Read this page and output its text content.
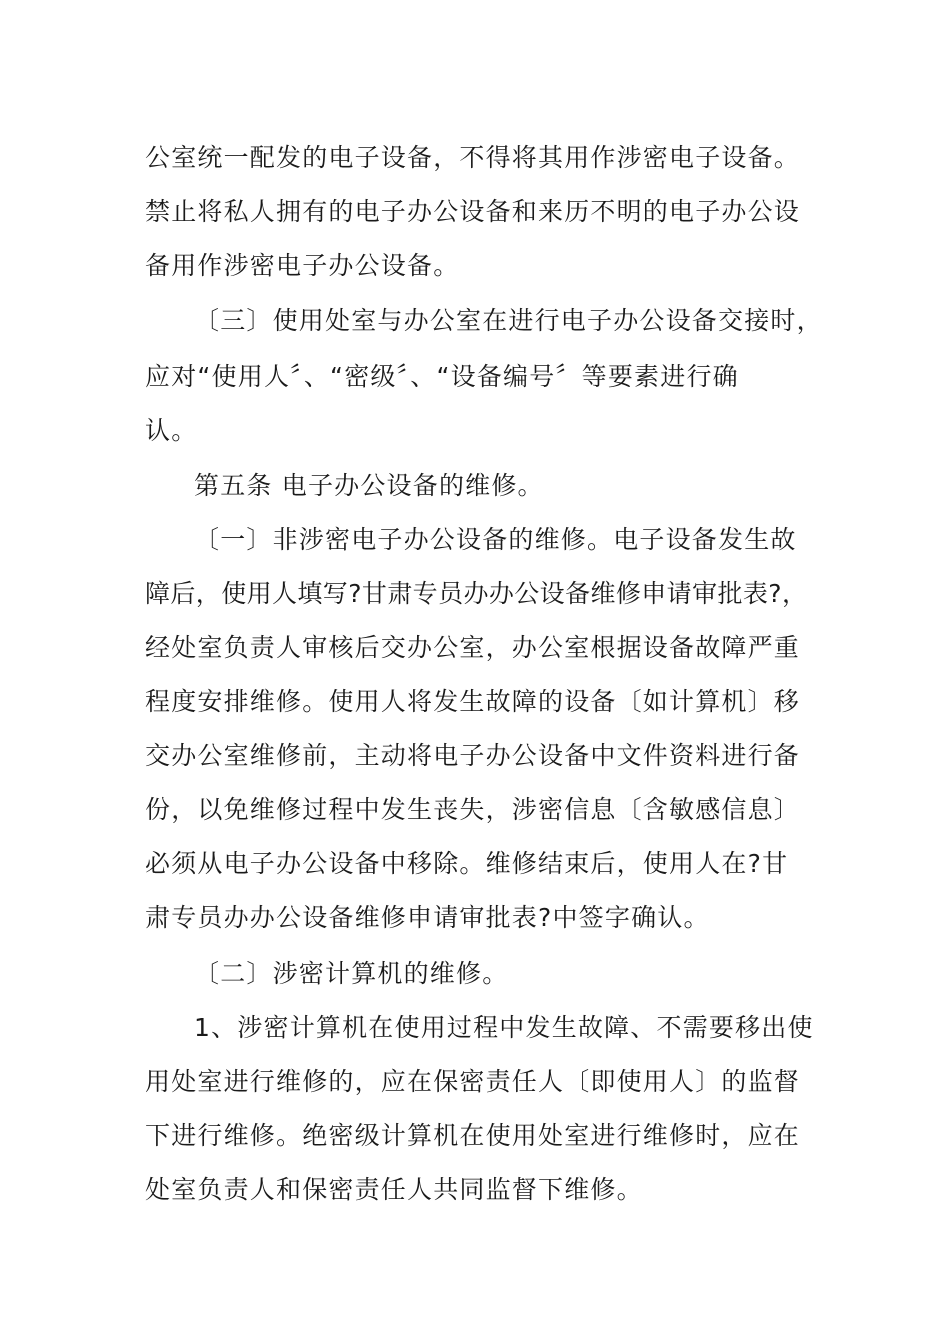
公室统一配发的电子设备，不得将其用作涉密电子设备。
禁止将私人拥有的电子办公设备和来历不明的电子办公设
备用作涉密电子办公设备。
〔三〕使用处室与办公室在进行电子办公设备交接时，
应对“使用人〞、“密级〞、“设备编号〞等要素进行确
认。
第五条 电子办公设备的维修。
〔一〕非涉密电子办公设备的维修。电子设备发生故
障后，使用人填写?甘肃专员办办公设备维修申请审批表?，
经处室负责人审核后交办公室，办公室根据设备故障严重
程度安排维修。使用人将发生故障的设备〔如计算机〕移
交办公室维修前，主动将电子办公设备中文件资料进行备
份，以免维修过程中发生丧失，涉密信息〔含敏感信息〕
必须从电子办公设备中移除。维修结束后，使用人在?甘
肃专员办办公设备维修申请审批表?中签字确认。
〔二〕涉密计算机的维修。
1、涉密计算机在使用过程中发生故障、不需要移出使
用处室进行维修的，应在保密责任人〔即使用人〕的监督
下进行维修。绝密级计算机在使用处室进行维修时，应在
处室负责人和保密责任人共同监督下维修。
